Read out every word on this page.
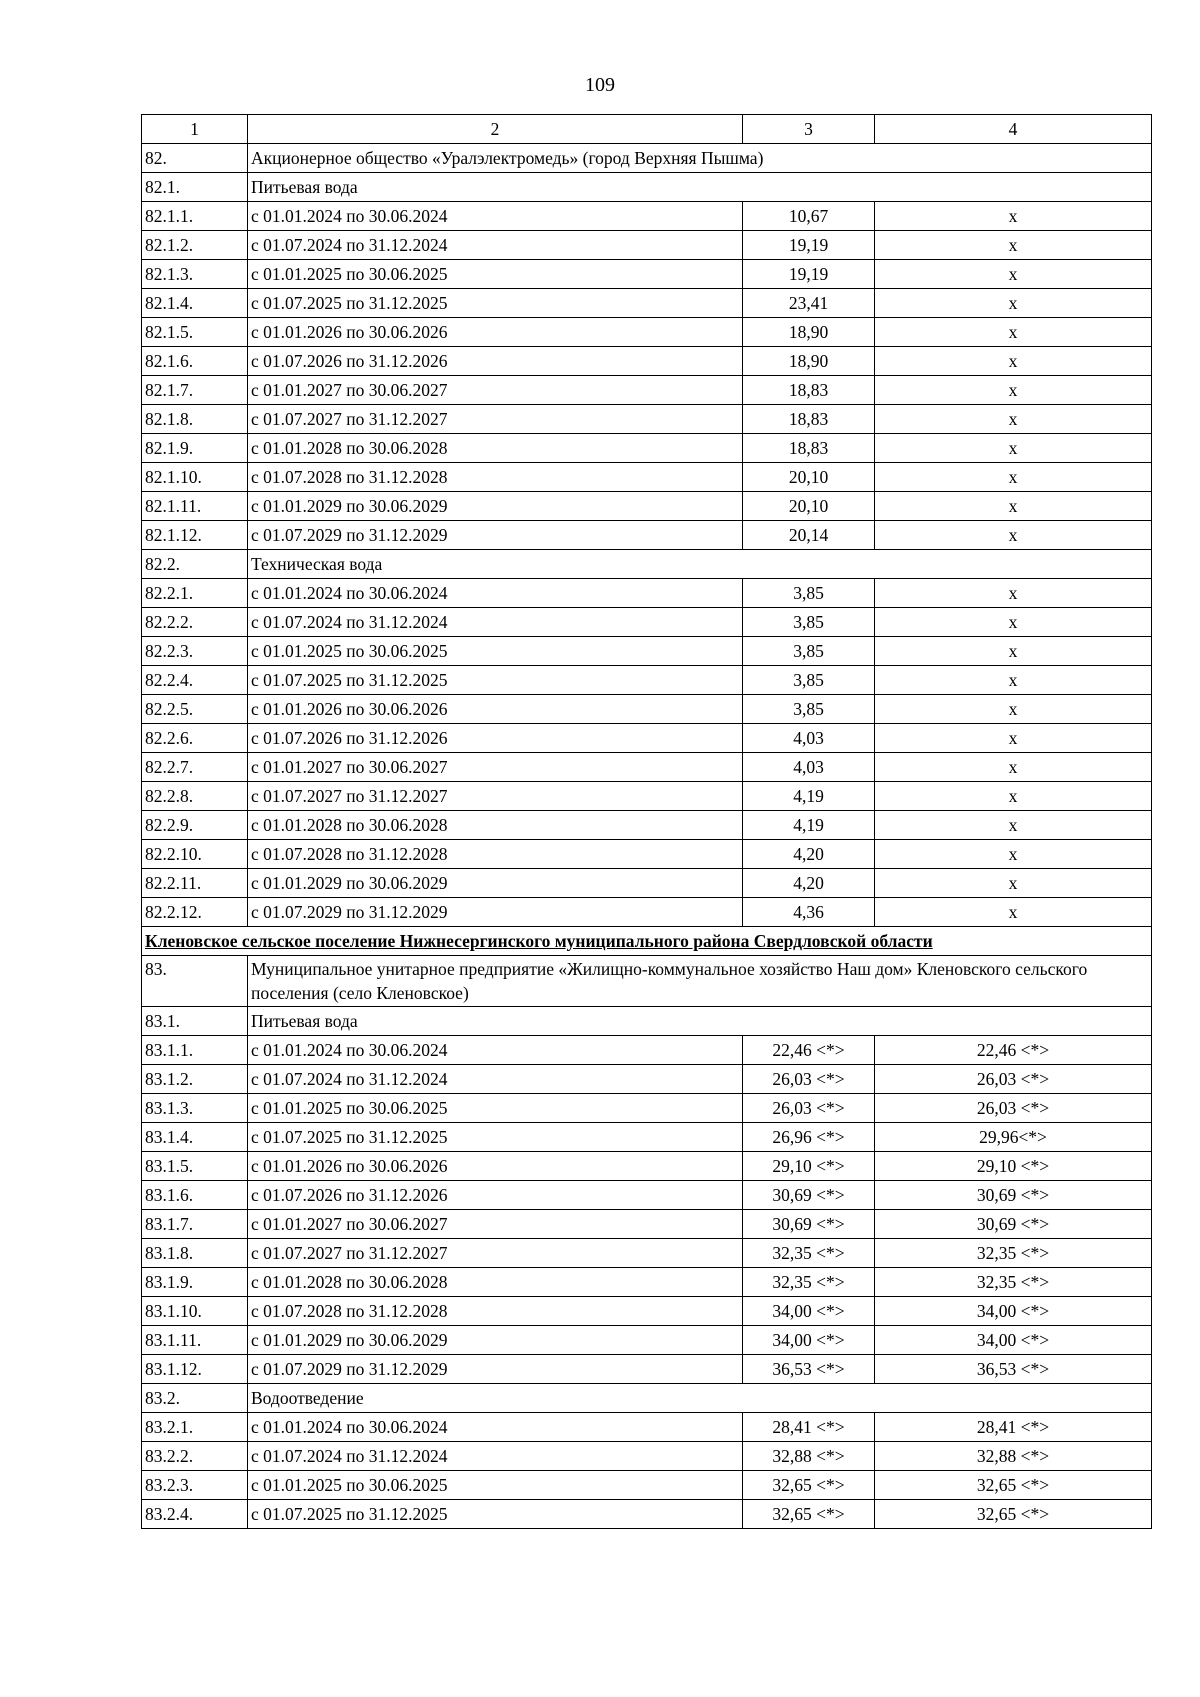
109
1	2	3	4
82.	Акционерное общество «Уралэлектромедь» (город Верхняя Пышма)		
82.1.	Питьевая вода		
82.1.1.	с 01.01.2024 по 30.06.2024	10,67	x
82.1.2.	с 01.07.2024 по 31.12.2024	19,19	x
82.1.3.	с 01.01.2025 по 30.06.2025	19,19	x
82.1.4.	с 01.07.2025 по 31.12.2025	23,41	x
82.1.5.	с 01.01.2026 по 30.06.2026	18,90	x
82.1.6.	с 01.07.2026 по 31.12.2026	18,90	x
82.1.7.	с 01.01.2027 по 30.06.2027	18,83	x
82.1.8.	с 01.07.2027 по 31.12.2027	18,83	x
82.1.9.	с 01.01.2028 по 30.06.2028	18,83	x
82.1.10.	с 01.07.2028 по 31.12.2028	20,10	x
82.1.11.	с 01.01.2029 по 30.06.2029	20,10	x
82.1.12.	с 01.07.2029 по 31.12.2029	20,14	x
82.2.	Техническая вода		
82.2.1.	с 01.01.2024 по 30.06.2024	3,85	x
82.2.2.	с 01.07.2024 по 31.12.2024	3,85	x
82.2.3.	с 01.01.2025 по 30.06.2025	3,85	x
82.2.4.	с 01.07.2025 по 31.12.2025	3,85	x
82.2.5.	с 01.01.2026 по 30.06.2026	3,85	x
82.2.6.	с 01.07.2026 по 31.12.2026	4,03	x
82.2.7.	с 01.01.2027 по 30.06.2027	4,03	x
82.2.8.	с 01.07.2027 по 31.12.2027	4,19	x
82.2.9.	с 01.01.2028 по 30.06.2028	4,19	x
82.2.10.	с 01.07.2028 по 31.12.2028	4,20	x
82.2.11.	с 01.01.2029 по 30.06.2029	4,20	x
82.2.12.	с 01.07.2029 по 31.12.2029	4,36	x
Кленовское сельское поселение Нижнесергинского муниципального района Свердловской области			
83.	Муниципальное унитарное предприятие «Жилищно-коммунальное хозяйство Наш дом» Кленовского сельского поселения (село Кленовское)		
83.1.	Питьевая вода		
83.1.1.	с 01.01.2024 по 30.06.2024	22,46 <*>	22,46 <*>
83.1.2.	с 01.07.2024 по 31.12.2024	26,03 <*>	26,03 <*>
83.1.3.	с 01.01.2025 по 30.06.2025	26,03 <*>	26,03 <*>
83.1.4.	с 01.07.2025 по 31.12.2025	26,96 <*>	29,96<*>
83.1.5.	с 01.01.2026 по 30.06.2026	29,10 <*>	29,10 <*>
83.1.6.	с 01.07.2026 по 31.12.2026	30,69 <*>	30,69 <*>
83.1.7.	с 01.01.2027 по 30.06.2027	30,69 <*>	30,69 <*>
83.1.8.	с 01.07.2027 по 31.12.2027	32,35 <*>	32,35 <*>
83.1.9.	с 01.01.2028 по 30.06.2028	32,35 <*>	32,35 <*>
83.1.10.	с 01.07.2028 по 31.12.2028	34,00 <*>	34,00 <*>
83.1.11.	с 01.01.2029 по 30.06.2029	34,00 <*>	34,00 <*>
83.1.12.	с 01.07.2029 по 31.12.2029	36,53 <*>	36,53 <*>
83.2.	Водоотведение		
83.2.1.	с 01.01.2024 по 30.06.2024	28,41 <*>	28,41 <*>
83.2.2.	с 01.07.2024 по 31.12.2024	32,88 <*>	32,88 <*>
83.2.3.	с 01.01.2025 по 30.06.2025	32,65 <*>	32,65 <*>
83.2.4.	с 01.07.2025 по 31.12.2025	32,65 <*>	32,65 <*>
